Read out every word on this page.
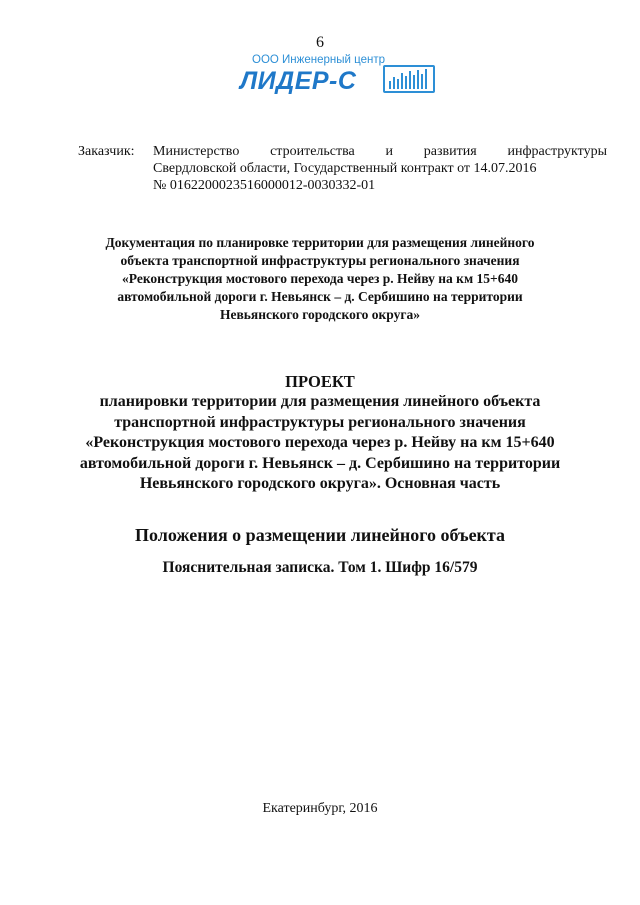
6
ООО Инженерный центр
ЛИДЕР-С
Заказчик: Министерство строительства и развития инфраструктуры
Свердловской области, Государственный контракт от 14.07.2016
№ 0162200023516000012-0030332-01
Документация по планировке территории для размещения линейного
объекта транспортной инфраструктуры регионального значения
«Реконструкция мостового перехода через р. Нейву на км 15+640
автомобильной дороги г. Невьянск – д. Сербишино на территории
Невьянского городского округа»
ПРОЕКТ
планировки территории для размещения линейного объекта
транспортной инфраструктуры регионального значения
«Реконструкция мостового перехода через р. Нейву на км 15+640
автомобильной дороги г. Невьянск – д. Сербишино на территории
Невьянского городского округа». Основная часть
Положения о размещении линейного объекта
Пояснительная записка. Том 1. Шифр 16/579
Екатеринбург, 2016
